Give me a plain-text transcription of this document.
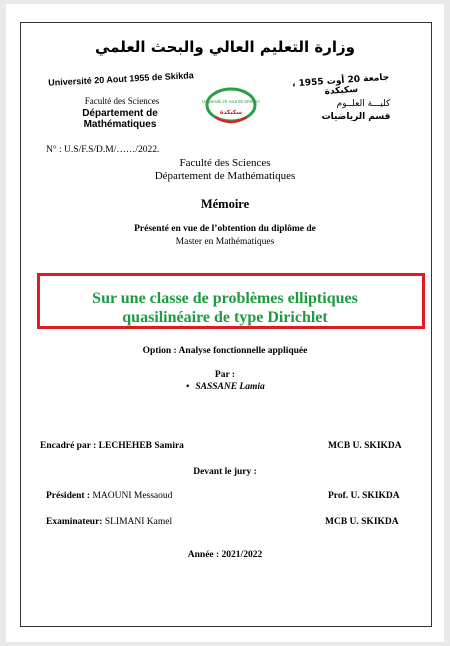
وزارة التعليم العالي والبحث العلمي
Université 20 Aout 1955 de Skikda
Faculté des Sciences
Département de Mathématiques
Université 20 Aout 55 SKIKDA
سكيكدة
جامعة 20 أوت 1955 ، سكيكدة
كليـــة العلــوم
قسم الرياضيات
N° : U.S/F.S/D.M/……/2022.
Faculté des Sciences
Département de Mathématiques
Mémoire
Présenté en vue de l’obtention du diplôme de
Master en Mathématiques
Sur une classe de problèmes elliptiques
quasilinéaire de type Dirichlet
Option : Analyse fonctionnelle appliquée
Par :
• SASSANE Lamia
Encadré par : LECHEHEB Samira	MCB U. SKIKDA
Devant le jury :
Président : MAOUNI Messaoud	Prof. U. SKIKDA
Examinateur: SLIMANI Kamel	MCB U. SKIKDA
Année : 2021/2022
